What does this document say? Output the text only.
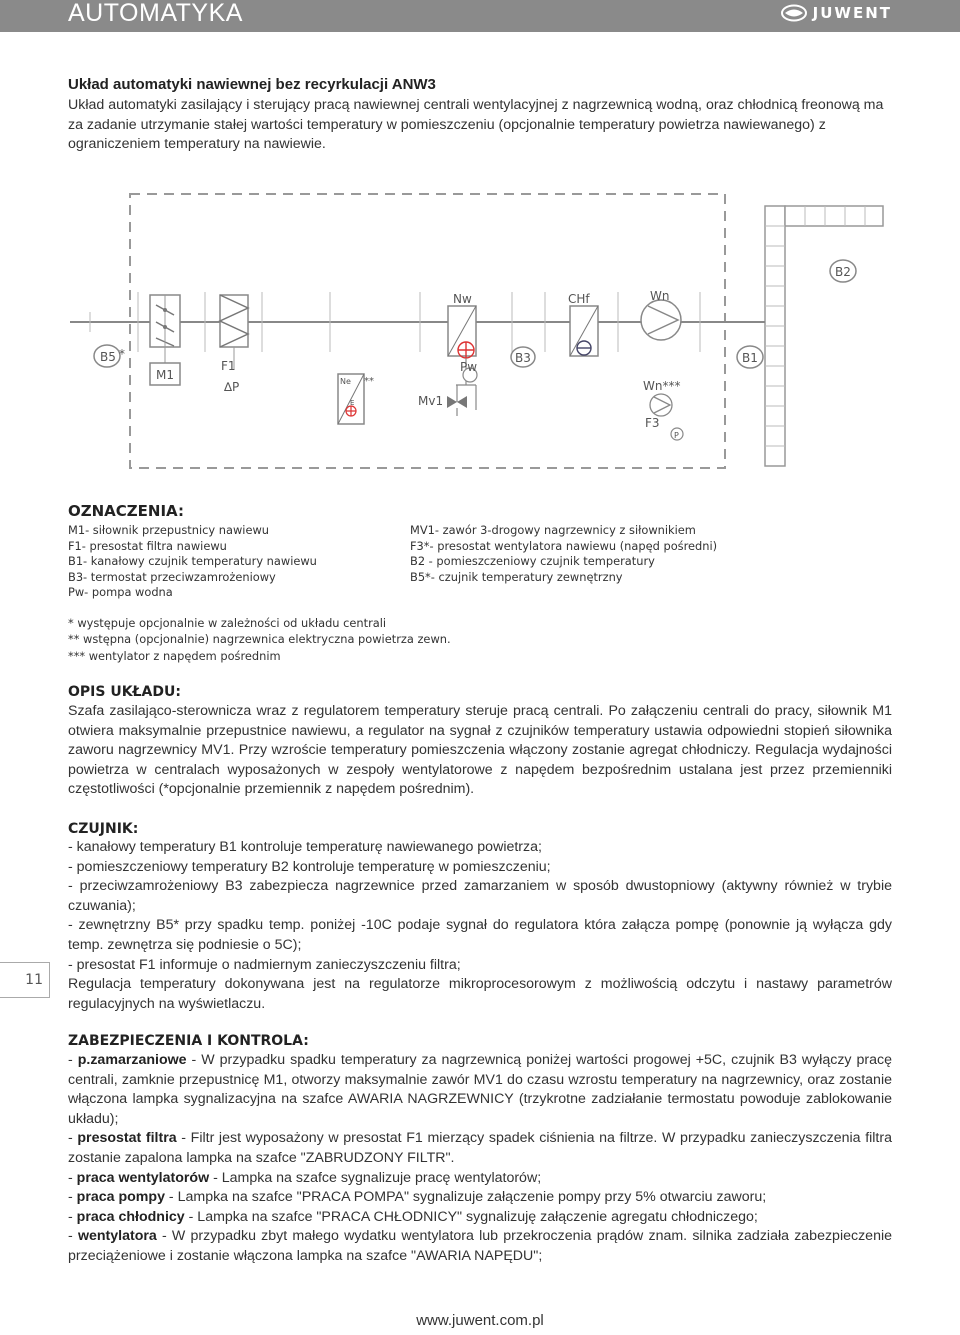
AUTOMATYKA	JUWENT
Układ automatyki nawiewnej bez recyrkulacji ANW3
Układ automatyki zasilający i sterujący pracą nawiewnej centrali wentylacyjnej z nagrzewnicą wodną, oraz chłodnicą freonową ma za zadanie utrzymanie stałej wartości temperatury w pomieszczeniu (opcjonalnie temperatury powietrza nawiewanego) z ograniczeniem temperatury na nawiewie.
B5 *
M1
F1
∆P	Ne **
E	Mv1
Pw
Nw
B3
CHf	Wn
Wn***
F3
P
B1
B2
OZNACZENIA:
M1- siłownik przepustnicy nawiewu
F1- presostat filtra nawiewu
B1- kanałowy czujnik temperatury nawiewu
B3- termostat przeciwzamrożeniowy
Pw- pompa wodna
MV1- zawór 3-drogowy nagrzewnicy z siłownikiem
F3*- presostat wentylatora nawiewu (napęd pośredni)
B2 - pomieszczeniowy czujnik temperatury
B5*- czujnik temperatury zewnętrzny
* występuje opcjonalnie w zależności od układu centrali
** wstępna (opcjonalnie) nagrzewnica elektryczna powietrza zewn.
*** wentylator z napędem pośrednim
OPIS UKŁADU:

Szafa zasilająco-sterownicza wraz z regulatorem temperatury steruje pracą centrali. Po załączeniu centrali do pracy, siłownik M1 otwiera maksymalnie przepustnice nawiewu, a regulator na sygnał z czujników temperatury ustawia odpowiedni stopień siłownika zaworu nagrzewnicy MV1. Przy wzroście temperatury pomieszczenia włączony zostanie agregat chłodniczy. Regulacja wydajności powietrza w centralach wyposażonych w zespoły wentylatorowe z napędem bezpośrednim ustalana jest przez przemienniki częstotliwości (*opcjonalnie przemiennik z napędem pośrednim).

CZUJNIK:

- kanałowy temperatury B1 kontroluje temperaturę nawiewanego powietrza;

- pomieszczeniowy temperatury B2 kontroluje temperaturę w pomieszczeniu;

- przeciwzamrożeniowy B3 zabezpiecza nagrzewnice przed zamarzaniem w sposób dwustopniowy (aktywny również w trybie czuwania);

- zewnętrzny B5* przy spadku temp. poniżej -10C podaje sygnał do regulatora która załącza pompę (ponownie ją wyłącza gdy temp. zewnętrza się podniesie o 5C);

- presostat F1 informuje o nadmiernym zanieczyszczeniu filtra;

Regulacja temperatury dokonywana jest na regulatorze mikroprocesorowym z możliwością odczytu i nastawy parametrów regulacyjnych na wyświetlaczu.

ZABEZPIECZENIA I KONTROLA:

- p.zamarzaniowe - W przypadku spadku temperatury za nagrzewnicą poniżej wartości progowej +5C, czujnik B3 wyłączy pracę centrali, zamknie przepustnicę M1, otworzy maksymalnie zawór MV1 do czasu wzrostu temperatury na nagrzewnicy, oraz zostanie włączona lampka sygnalizacyjna na szafce AWARIA NAGRZEWNICY (trzykrotne zadziałanie termostatu powoduje zablokowanie układu);

- presostat filtra - Filtr jest wyposażony w presostat F1 mierzący spadek ciśnienia na filtrze. W przypadku zanieczyszczenia filtra zostanie zapalona lampka na szafce "ZABRUDZONY FILTR".

- praca wentylatorów - Lampka na szafce sygnalizuje pracę wentylatorów;

- praca pompy - Lampka na szafce "PRACA POMPA" sygnalizuje załączenie pompy przy 5% otwarciu zaworu;

- praca chłodnicy - Lampka na szafce "PRACA CHŁODNICY" sygnalizuję załączenie agregatu chłodniczego;

- wentylatora - W przypadku zbyt małego wydatku wentylatora lub przekroczenia prądów znam. silnika zadziała zabezpieczenie przeciążeniowe i zostanie włączona lampka na szafce "AWARIA NAPĘDU";

11
www.juwent.com.pl
